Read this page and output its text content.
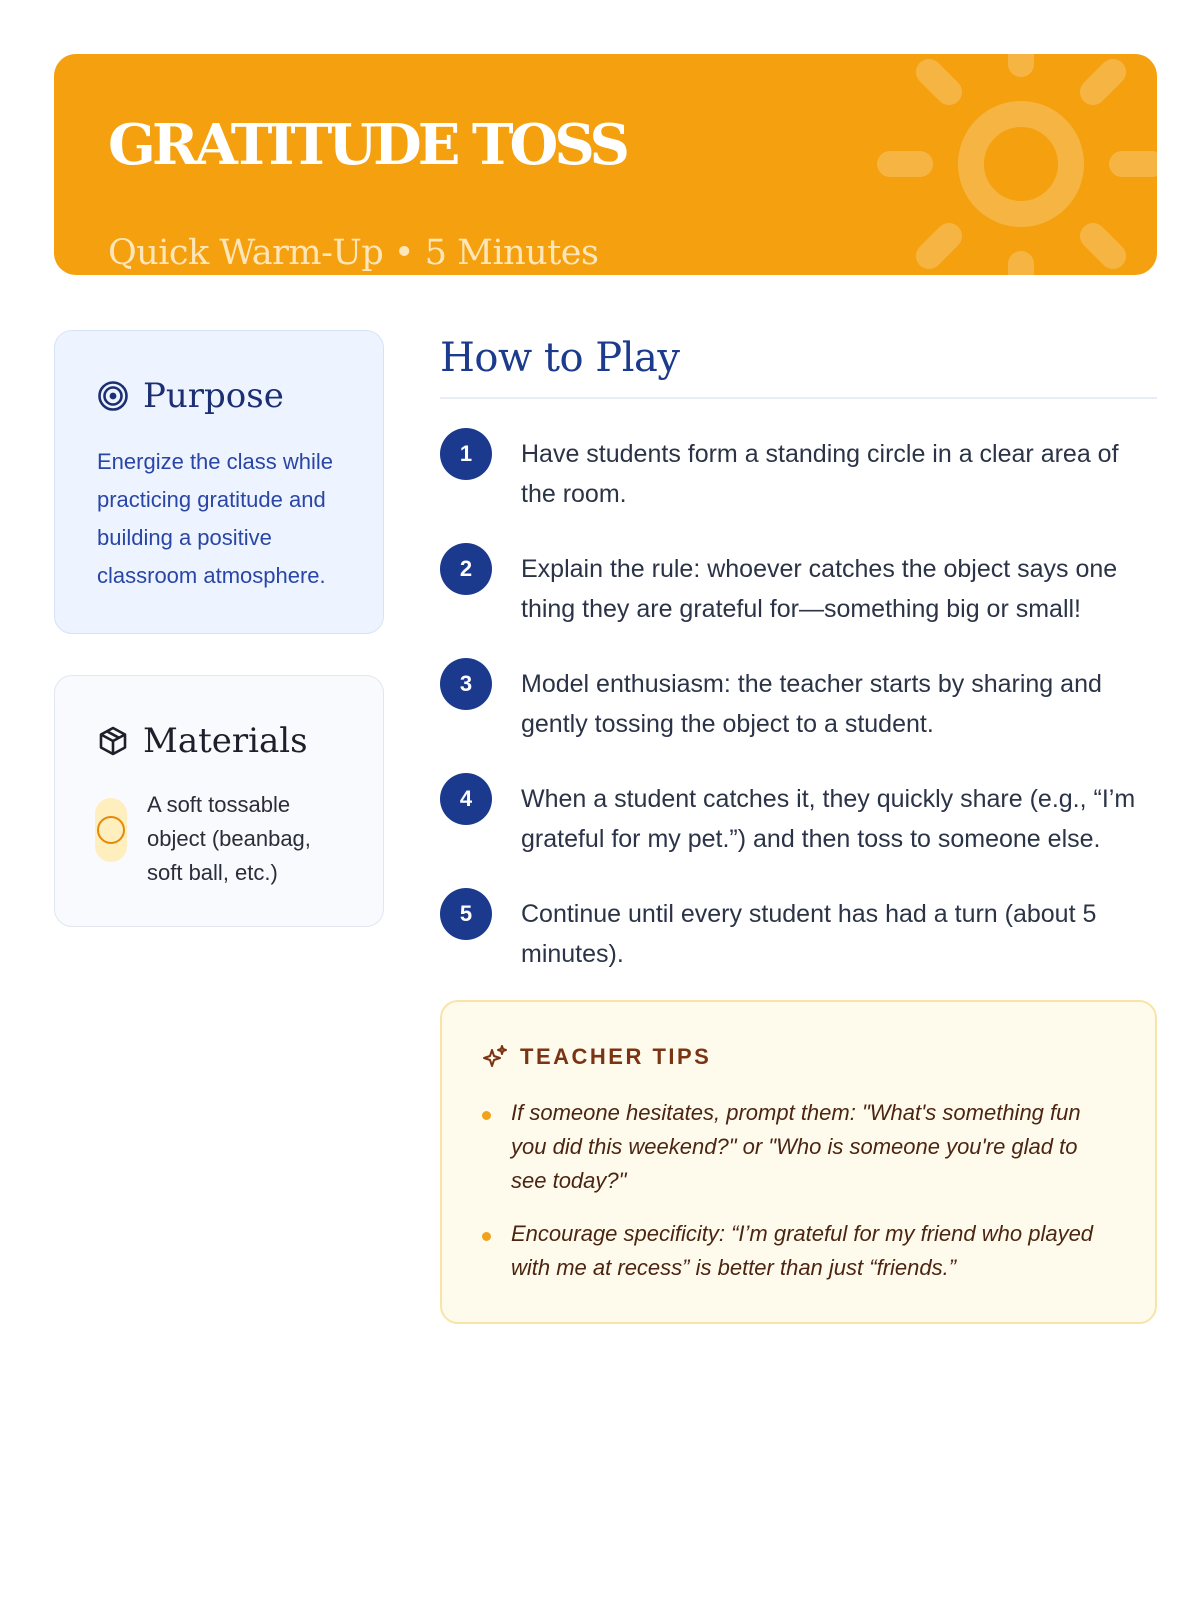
GRATITUDE TOSS
Quick Warm-Up • 5 Minutes
Purpose
Energize the class while practicing gratitude and building a positive classroom atmosphere.
Materials
A soft tossable object (beanbag, soft ball, etc.)
How to Play
1	Have students form a standing circle in a clear area of the room.
2	Explain the rule: whoever catches the object says one thing they are grateful for—something big or small!
3	Model enthusiasm: the teacher starts by sharing and gently tossing the object to a student.
4	When a student catches it, they quickly share (e.g., “I’m grateful for my pet.”) and then toss to someone else.
5	Continue until every student has had a turn (about 5 minutes).
TEACHER TIPS
If someone hesitates, prompt them: "What's something fun you did this weekend?" or "Who is someone you're glad to see today?"
Encourage specificity: “I’m grateful for my friend who played with me at recess” is better than just “friends.”
